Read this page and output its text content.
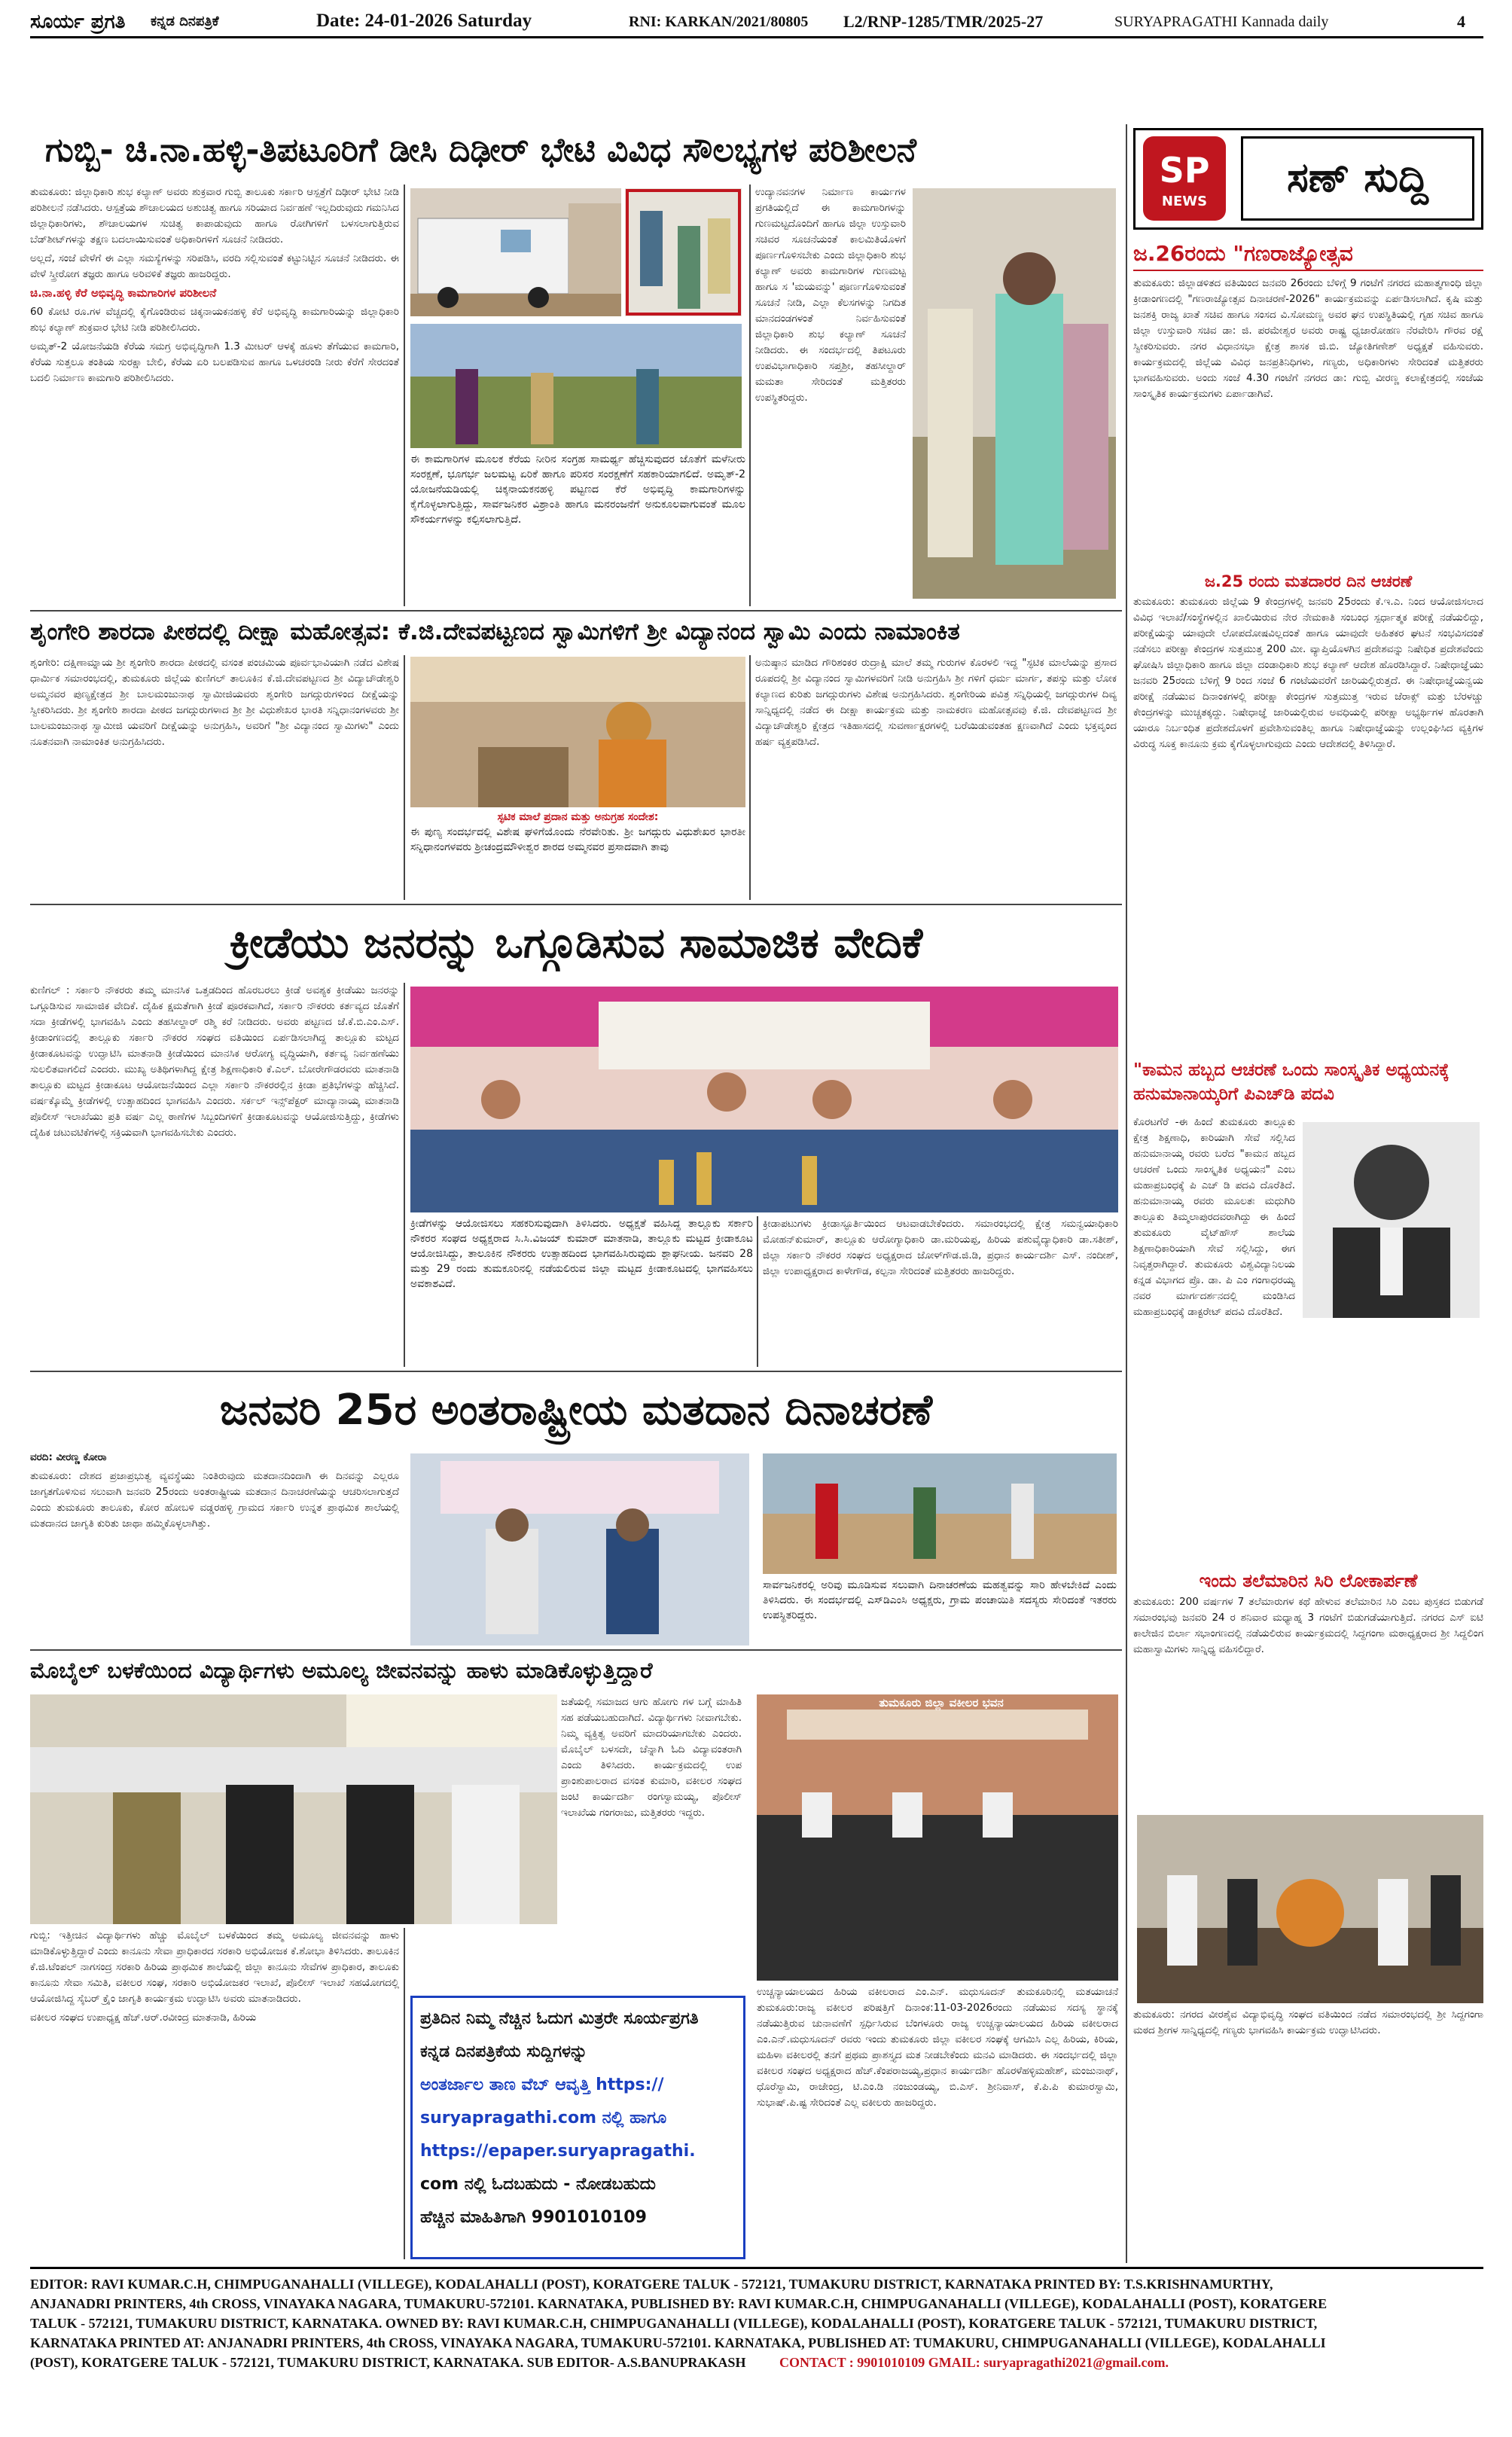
ಸೂರ್ಯ ಪ್ರಗತಿ ಕನ್ನಡ ದಿನಪತ್ರಿಕೆ	Date: 24-01-2026 Saturday	RNI: KARKAN/2021/80805 L2/RNP-1285/TMR/2025-27	SURYAPRAGATHI Kannada daily	4
ಗುಬ್ಬಿ- ಚಿ.ನಾ.ಹಳ್ಳಿ-ತಿಪಟೂರಿಗೆ ಡೀಸಿ ದಿಢೀರ್ ಭೇಟಿ ವಿವಿಧ ಸೌಲಭ್ಯಗಳ ಪರಿಶೀಲನೆ

ತುಮಕೂರು: ಜಿಲ್ಲಾಧಿಕಾರಿ ಶುಭ ಕಲ್ಯಾಣ್ ಅವರು ಶುಕ್ರವಾರ ಗುಬ್ಬಿ ತಾಲೂಕು ಸರ್ಕಾರಿ ಆಸ್ಪತ್ರೆಗೆ ದಿಢೀರ್ ಭೇಟಿ ನೀಡಿ ಪರಿಶೀಲನೆ ನಡೆಸಿದರು. ಆಸ್ಪತ್ರೆಯ ಶೌಚಾಲಯದ ಅಶುಚಿತ್ವ ಹಾಗೂ ಸರಿಯಾದ ನಿರ್ವಹಣೆ ಇಲ್ಲದಿರುವುದು ಗಮನಿಸಿದ ಜಿಲ್ಲಾಧಿಕಾರಿಗಳು, ಶೌಚಾಲಯಗಳ ಸುಚಿತ್ವ ಕಾಪಾಡುವುದು ಹಾಗೂ ರೋಗಿಗಳಿಗೆ ಬಳಸಲಾಗುತ್ತಿರುವ ಬೆಡ್‌ಶೀಟ್‌ಗಳನ್ನು ತಕ್ಷಣ ಬದಲಾಯಿಸುವಂತೆ ಅಧಿಕಾರಿಗಳಿಗೆ ಸೂಚನೆ ನೀಡಿದರು.

ಅಲ್ಲದೆ, ಸಂಜೆ ವೇಳೆಗೆ ಈ ಎಲ್ಲಾ ಸಮಸ್ಯೆಗಳನ್ನು ಸರಿಪಡಿಸಿ, ವರದಿ ಸಲ್ಲಿಸುವಂತೆ ಕಟ್ಟುನಿಟ್ಟಿನ ಸೂಚನೆ ನೀಡಿದರು. ಈ ವೇಳೆ ಸ್ತ್ರೀರೋಗ ತಜ್ಞರು ಹಾಗೂ ಅರಿವಳಿಕೆ ತಜ್ಞರು ಹಾಜರಿದ್ದರು.

ಚಿ.ನಾ.ಹಳ್ಳಿ ಕೆರೆ ಅಭಿವೃದ್ಧಿ ಕಾಮಗಾರಿಗಳ ಪರಿಶೀಲನೆ

60 ಕೋಟಿ ರೂ.ಗಳ ವೆಚ್ಚದಲ್ಲಿ ಕೈಗೊಂಡಿರುವ ಚಿಕ್ಕನಾಯಕನಹಳ್ಳಿ ಕೆರೆ ಅಭಿವೃದ್ಧಿ ಕಾಮಗಾರಿಯನ್ನು ಜಿಲ್ಲಾಧಿಕಾರಿ ಶುಭ ಕಲ್ಯಾಣ್ ಶುಕ್ರವಾರ ಭೇಟಿ ನೀಡಿ ಪರಿಶೀಲಿಸಿದರು.

ಅಮೃತ್-2 ಯೋಜನೆಯಡಿ ಕೆರೆಯ ಸಮಗ್ರ ಅಭಿವೃದ್ಧಿಗಾಗಿ 1.3 ಮೀಟರ್ ಆಳಕ್ಕೆ ಹೂಳು ತೆಗೆಯುವ ಕಾಮಗಾರಿ, ಕೆರೆಯ ಸುತ್ತಲೂ ತಂತಿಯ ಸುರಕ್ಷಾ ಬೇಲಿ, ಕೆರೆಯ ಏರಿ ಬಲಪಡಿಸುವ ಹಾಗೂ ಒಳಚರಂಡಿ ನೀರು ಕೆರೆಗೆ ಸೇರದಂತೆ ಬದಲಿ ನಿರ್ಮಾಣ ಕಾಮಗಾರಿ ಪರಿಶೀಲಿಸಿದರು.

ಈ ಕಾಮಗಾರಿಗಳ ಮೂಲಕ ಕೆರೆಯ ನೀರಿನ ಸಂಗ್ರಹ ಸಾಮರ್ಥ್ಯ ಹೆಚ್ಚಿಸುವುದರ ಜೊತೆಗೆ ಮಳೆನೀರು ಸಂರಕ್ಷಣೆ, ಭೂಗರ್ಭ ಜಲಮಟ್ಟ ಏರಿಕೆ ಹಾಗೂ ಪರಿಸರ ಸಂರಕ್ಷಣೆಗೆ ಸಹಕಾರಿಯಾಗಲಿದೆ. ಅಮೃತ್-2 ಯೋಜನೆಯಡಿಯಲ್ಲಿ ಚಿಕ್ಕನಾಯಕನಹಳ್ಳಿ ಪಟ್ಟಣದ ಕೆರೆ ಅಭಿವೃದ್ಧಿ ಕಾಮಗಾರಿಗಳನ್ನು ಕೈಗೊಳ್ಳಲಾಗುತ್ತಿದ್ದು, ಸಾರ್ವಜನಿಕರ ವಿಶ್ರಾಂತಿ ಹಾಗೂ ಮನರಂಜನೆಗೆ ಅನುಕೂಲವಾಗುವಂತೆ ಮೂಲ ಸೌಕರ್ಯಗಳನ್ನು ಕಲ್ಪಿಸಲಾಗುತ್ತಿದೆ.
ಉದ್ಯಾನವನಗಳ ನಿರ್ಮಾಣ ಕಾರ್ಯಗಳ ಪ್ರಗತಿಯಲ್ಲಿದೆ ಈ ಕಾಮಗಾರಿಗಳನ್ನು ಗುಣಮಟ್ಟದೊಂದಿಗೆ ಹಾಗೂ ಜಿಲ್ಲಾ ಉಸ್ತುವಾರಿ ಸಚಿವರ ಸೂಚನೆಯಂತೆ ಕಾಲಮಿತಿಯೊಳಗೆ ಪೂರ್ಣಗೊಳಿಸಬೇಕು ಎಂದು ಜಿಲ್ಲಾಧಿಕಾರಿ ಶುಭ ಕಲ್ಯಾಣ್ ಅವರು ಕಾಮಗಾರಿಗಳ ಗುಣಮಟ್ಟ ಹಾಗೂ ಸ 'ಮಯವನ್ನು' ಪೂರ್ಣಗೊಳಿಸುವಂತೆ ಸೂಚನೆ ನೀಡಿ, ಎಲ್ಲಾ ಕೆಲಸಗಳನ್ನು ನಿಗದಿತ ಮಾನದಂಡಗಳಂತೆ ನಿರ್ವಹಿಸುವಂತೆ ಜಿಲ್ಲಾಧಿಕಾರಿ ಶುಭ ಕಲ್ಯಾಣ್ ಸೂಚನೆ ನೀಡಿದರು. ಈ ಸಂದರ್ಭದಲ್ಲಿ ತಿಪಟೂರು ಉಪವಿಭಾಗಾಧಿಕಾರಿ ಸಪ್ತಶ್ರೀ, ತಹಸೀಲ್ದಾರ್ ಮಮತಾ ಸೇರಿದಂತೆ ಮತ್ತಿತರರು ಉಪಸ್ಥಿತರಿದ್ದರು.
ಶೃಂಗೇರಿ ಶಾರದಾ ಪೀಠದಲ್ಲಿ ದೀಕ್ಷಾ ಮಹೋತ್ಸವ: ಕೆ.ಜಿ.ದೇವಪಟ್ಟಣದ ಸ್ವಾಮಿಗಳಿಗೆ ಶ್ರೀ ವಿದ್ಯಾನಂದ ಸ್ವಾಮಿ ಎಂದು ನಾಮಾಂಕಿತ
ಶೃಂಗೇರಿ: ದಕ್ಷಿಣಾಮ್ನಾಯ ಶ್ರೀ ಶೃಂಗೇರಿ ಶಾರದಾ ಪೀಠದಲ್ಲಿ ವಸಂತ ಪಂಚಮಿಯ ಪೂರ್ವಭಾವಿಯಾಗಿ ನಡೆದ ವಿಶೇಷ ಧಾರ್ಮಿಕ ಸಮಾರಂಭದಲ್ಲಿ, ತುಮಕೂರು ಜಿಲ್ಲೆಯ ಕುಣಿಗಲ್ ತಾಲೂಕಿನ ಕೆ.ಜಿ.ದೇವಪಟ್ಟಣದ ಶ್ರೀ ವಿದ್ಯಾಚೌಡೇಶ್ವರಿ ಅಮ್ಮನವರ ಪುಣ್ಯಕ್ಷೇತ್ರದ ಶ್ರೀ ಬಾಲಮಂಜುನಾಥ ಸ್ವಾಮೀಜಿಯವರು ಶೃಂಗೇರಿ ಜಗದ್ಗುರುಗಳಿಂದ ದೀಕ್ಷೆಯನ್ನು ಸ್ವೀಕರಿಸಿದರು. ಶ್ರೀ ಶೃಂಗೇರಿ ಶಾರದಾ ಪೀಠದ ಜಗದ್ಗುರುಗಳಾದ ಶ್ರೀ ಶ್ರೀ ವಿಧುಶೇಖರ ಭಾರತಿ ಸನ್ನಿಧಾನಂಗಳವರು ಶ್ರೀ ಬಾಲಮಂಜುನಾಥ ಸ್ವಾಮೀಜಿ ಯವರಿಗೆ ದೀಕ್ಷೆಯನ್ನು ಅನುಗ್ರಹಿಸಿ, ಅವರಿಗೆ "ಶ್ರೀ ವಿದ್ಯಾನಂದ ಸ್ವಾಮಿಗಳು" ಎಂದು ನೂತನವಾಗಿ ನಾಮಾಂಕಿತ ಅನುಗ್ರಹಿಸಿದರು.
ಸ್ಫಟಿಕ ಮಾಲೆ ಪ್ರದಾನ ಮತ್ತು ಅನುಗ್ರಹ ಸಂದೇಶ:
ಈ ಪುಣ್ಯ ಸಂದರ್ಭದಲ್ಲಿ ವಿಶೇಷ ಘಳಿಗೆಯೊಂದು ನೆರವೇರಿತು. ಶ್ರೀ ಜಗದ್ಗುರು ವಿಧುಶೇಖರ ಭಾರತೀ ಸನ್ನಿಧಾನಂಗಳವರು ಶ್ರೀಚಂದ್ರಮೌಳೀಶ್ವರ ಶಾರದ ಅಮ್ಮನವರ ಪ್ರಸಾದವಾಗಿ ತಾವು
ಅನುಷ್ಠಾನ ಮಾಡಿದ ಗೌರಿಶಂಕರ ರುದ್ರಾಕ್ಷಿ ಮಾಲೆ ತಮ್ಮ ಗುರುಗಳ ಕೊರಳಲಿ ಇದ್ದ "ಸ್ಫಟಿಕ ಮಾಲೆಯನ್ನು ಪ್ರಸಾದ ರೂಪದಲ್ಲಿ ಶ್ರೀ ವಿದ್ಯಾನಂದ ಸ್ವಾಮಿಗಳವರಿಗೆ ನೀಡಿ ಅನುಗ್ರಹಿಸಿ ಶ್ರೀ ಗಳಿಗೆ ಧರ್ಮ ಮಾರ್ಗ, ತಪಸ್ಸು ಮತ್ತು ಲೋಕ ಕಲ್ಯಾಣದ ಕುರಿತು ಜಗದ್ಗುರುಗಳು ವಿಶೇಷ ಅನುಗ್ರಹಿಸಿದರು. ಶೃಂಗೇರಿಯ ಪವಿತ್ರ ಸನ್ನಿಧಿಯಲ್ಲಿ ಜಗದ್ಗುರುಗಳ ದಿವ್ಯ ಸಾನ್ನಿಧ್ಯದಲ್ಲಿ ನಡೆದ ಈ ದೀಕ್ಷಾ ಕಾರ್ಯಕ್ರಮ ಮತ್ತು ನಾಮಕರಣ ಮಹೋತ್ಸವವು ಕೆ.ಜಿ. ದೇವಪಟ್ಟಣದ ಶ್ರೀ ವಿದ್ಯಾಚೌಡೇಶ್ವರಿ ಕ್ಷೇತ್ರದ ಇತಿಹಾಸದಲ್ಲಿ ಸುವರ್ಣಾಕ್ಷರಗಳಲ್ಲಿ ಬರೆಯಿಡುವಂತಹ ಕ್ಷಣವಾಗಿದೆ ಎಂದು ಭಕ್ತವೃಂದ ಹರ್ಷ ವ್ಯಕ್ತಪಡಿಸಿದೆ.
ಕ್ರೀಡೆಯು ಜನರನ್ನು ಒಗ್ಗೂಡಿಸುವ ಸಾಮಾಜಿಕ ವೇದಿಕೆ
ಕುಣಿಗಲ್ : ಸರ್ಕಾರಿ ನೌಕರರು ತಮ್ಮ ಮಾನಸಿಕ ಒತ್ತಡದಿಂದ ಹೊರಬರಲು ಕ್ರೀಡೆ ಅವಶ್ಯಕ ಕ್ರೀಡೆಯು ಜನರನ್ನು ಒಗ್ಗೂಡಿಸುವ ಸಾಮಾಜಿಕ ವೇದಿಕೆ. ದೈಹಿಕ ಕ್ಷಮತೆಗಾಗಿ ಕ್ರೀಡೆ ಪೂರಕವಾಗಿದೆ, ಸರ್ಕಾರಿ ನೌಕರರು ಕರ್ತವ್ಯದ ಜೊತೆಗೆ ಸದಾ ಕ್ರೀಡೆಗಳಲ್ಲಿ ಭಾಗವಹಿಸಿ ಎಂದು ತಹಸೀಲ್ದಾರ್ ರಶ್ಮಿ ಕರೆ ನೀಡಿದರು. ಅವರು ಪಟ್ಟಣದ ಜೆ.ಕೆ.ಬಿ.ಎಂ.ಎಸ್. ಕ್ರೀಡಾಂಗಣದಲ್ಲಿ ತಾಲ್ಲೂಕು ಸರ್ಕಾರಿ ನೌಕರರ ಸಂಘದ ವತಿಯಿಂದ ಏರ್ಪಡಿಸಲಾಗಿದ್ದ ತಾಲ್ಲೂಕು ಮಟ್ಟದ ಕ್ರೀಡಾಕೂಟವನ್ನು ಉದ್ಘಾಟಿಸಿ ಮಾತನಾಡಿ ಕ್ರೀಡೆಯಿಂದ ಮಾನಸಿಕ ಆರೋಗ್ಯ ವೃದ್ಧಿಯಾಗಿ, ಕರ್ತವ್ಯ ನಿರ್ವಹಣೆಯು ಸುಲಲಿತವಾಗಲಿದೆ ಎಂದರು. ಮುಖ್ಯ ಅತಿಥಿಗಳಾಗಿದ್ದ ಕ್ಷೇತ್ರ ಶಿಕ್ಷಣಾಧಿಕಾರಿ ಕೆ.ಎಲ್. ಬೋರೇಗೌಡರವರು ಮಾತನಾಡಿ ತಾಲ್ಲೂಕು ಮಟ್ಟದ ಕ್ರೀಡಾಕೂಟ ಆಯೋಜನೆಯಿಂದ ಎಲ್ಲಾ ಸರ್ಕಾರಿ ನೌಕರರಲ್ಲಿನ ಕ್ರೀಡಾ ಪ್ರತಿಭೆಗಳನ್ನು ಹೆಚ್ಚಿಸಿದೆ. ವರ್ಷಕ್ಕೊಮ್ಮೆ ಕ್ರೀಡೆಗಳಲ್ಲಿ ಉತ್ಸಾಹದಿಂದ ಭಾಗವಹಿಸಿ ಎಂದರು. ಸರ್ಕಲ್ ಇನ್ಸ್‌ಪೆಕ್ಟರ್ ಮಾದ್ಯಾನಾಯ್ಕ ಮಾತನಾಡಿ ಪೊಲೀಸ್ ಇಲಾಖೆಯು ಪ್ರತಿ ವರ್ಷ ಎಲ್ಲ ಠಾಣೆಗಳ ಸಿಬ್ಬಂದಿಗಳಿಗೆ ಕ್ರೀಡಾಕೂಟವನ್ನು ಆಯೋಜಿಸುತ್ತಿದ್ದು, ಕ್ರೀಡೆಗಳು ದೈಹಿಕ ಚಟುವಟಿಕೆಗಳಲ್ಲಿ ಸಕ್ರಿಯವಾಗಿ ಭಾಗವಹಿಸಬೇಕು ಎಂದರು.
ಕ್ರೀಡೆಗಳನ್ನು ಆಯೋಜಿಸಲು ಸಹಕರಿಸುವುದಾಗಿ ತಿಳಿಸಿದರು. ಅಧ್ಯಕ್ಷತೆ ವಹಿಸಿದ್ದ ತಾಲ್ಲೂಕು ಸರ್ಕಾರಿ ನೌಕರರ ಸಂಘದ ಅಧ್ಯಕ್ಷರಾದ ಸಿ.ಸಿ.ವಿಜಯ್ ಕುಮಾರ್ ಮಾತನಾಡಿ, ತಾಲ್ಲೂಕು ಮಟ್ಟದ ಕ್ರೀಡಾಕೂಟ ಆಯೋಜಿಸಿದ್ದು, ತಾಲೂಕಿನ ನೌಕರರು ಉತ್ಸಾಹದಿಂದ ಭಾಗವಹಿಸಿರುವುದು ಶ್ಲಾಘನೀಯ. ಜನವರಿ 28 ಮತ್ತು 29 ರಂದು ತುಮಕೂರಿನಲ್ಲಿ ನಡೆಯಲಿರುವ ಜಿಲ್ಲಾ ಮಟ್ಟದ ಕ್ರೀಡಾಕೂಟದಲ್ಲಿ ಭಾಗವಹಿಸಲು ಅವಕಾಶವಿದೆ.
ಕ್ರೀಡಾಪಟುಗಳು ಕ್ರೀಡಾಸ್ಫೂರ್ತಿಯಿಂದ ಆಟವಾಡಬೇಕೆಂದರು. ಸಮಾರಂಭದಲ್ಲಿ ಕ್ಷೇತ್ರ ಸಮನ್ವಯಾಧಿಕಾರಿ ಮೋಹನ್‌ಕುಮಾರ್, ತಾಲ್ಲೂಕು ಆರೋಗ್ಯಾಧಿಕಾರಿ ಡಾ.ಮರಿಯಪ್ಪ, ಹಿರಿಯ ಪಶುವೈದ್ಯಾಧಿಕಾರಿ ಡಾ.ಸತೀಶ್, ಜಿಲ್ಲಾ ಸರ್ಕಾರಿ ನೌಕರರ ಸಂಘದ ಅಧ್ಯಕ್ಷರಾದ ಜೋಳ್‌ಗೌಡ.ಜಿ.ಡಿ, ಪ್ರಧಾನ ಕಾರ್ಯದರ್ಶಿ ಎಸ್. ನಂದೀಶ್, ಜಿಲ್ಲಾ ಉಪಾಧ್ಯಕ್ಷರಾದ ಕಾಳೇಗೌಡ, ಕಲ್ಪನಾ ಸೇರಿದಂತೆ ಮತ್ತಿತರರು ಹಾಜರಿದ್ದರು.
ಜನವರಿ 25ರ ಅಂತರಾಷ್ಟ್ರೀಯ ಮತದಾನ ದಿನಾಚರಣೆ

ವರದಿ: ವೀರಣ್ಣ ಕೋರಾ

ತುಮಕೂರು: ದೇಶದ ಪ್ರಜಾಪ್ರಭುತ್ವ ವ್ಯವಸ್ಥೆಯು ನಿಂತಿರುವುದು ಮತದಾನದಿಂದಾಗಿ ಈ ದಿನವನ್ನು ಎಲ್ಲರೂ ಜಾಗೃತಗೊಳಿಸುವ ಸಲುವಾಗಿ ಜನವರಿ 25ರಂದು ಅಂತರಾಷ್ಟ್ರೀಯ ಮತದಾನ ದಿನಾಚರಣೆಯನ್ನು ಆಚರಿಸಲಾಗುತ್ತದೆ ಎಂದು ತುಮಕೂರು ತಾಲೂಕು, ಕೋರ ಹೋಬಳಿ ವಡ್ಡರಹಳ್ಳಿ ಗ್ರಾಮದ ಸರ್ಕಾರಿ ಉನ್ನತ ಪ್ರಾಥಮಿಕ ಶಾಲೆಯಲ್ಲಿ ಮತದಾನದ ಜಾಗೃತಿ ಕುರಿತು ಜಾಥಾ ಹಮ್ಮಿಕೊಳ್ಳಲಾಗಿತ್ತು.

ಸಾರ್ವಜನಿಕರಲ್ಲಿ ಅರಿವು ಮೂಡಿಸುವ ಸಲುವಾಗಿ ದಿನಾಚರಣೆಯ ಮಹತ್ವವನ್ನು ಸಾರಿ ಹೇಳಬೇಕಿದೆ ಎಂದು ತಿಳಿಸಿದರು. ಈ ಸಂದರ್ಭದಲ್ಲಿ ಎಸ್‌ಡಿಎಂಸಿ ಅಧ್ಯಕ್ಷರು, ಗ್ರಾಮ ಪಂಚಾಯಿತಿ ಸದಸ್ಯರು ಸೇರಿದಂತೆ ಇತರರು ಉಪಸ್ಥಿತರಿದ್ದರು.
ಮೊಬೈಲ್ ಬಳಕೆಯಿಂದ ವಿದ್ಯಾರ್ಥಿಗಳು ಅಮೂಲ್ಯ ಜೀವನವನ್ನು ಹಾಳು ಮಾಡಿಕೊಳ್ಳುತ್ತಿದ್ದಾರೆ
ಜತೆಯಲ್ಲಿ ಸಮಾಜದ ಆಗು ಹೋಗು ಗಳ ಬಗ್ಗೆ ಮಾಹಿತಿ ಸಹ ಪಡೆಯಬಹುದಾಗಿದೆ. ವಿದ್ಯಾರ್ಥಿಗಳು ನೀವಾಗಬೇಕು. ನಿಮ್ಮ ವ್ಯಕ್ತಿತ್ವ ಅವರಿಗೆ ಮಾದರಿಯಾಗಬೇಕು ಎಂದರು. ಮೊಬೈಲ್ ಬಳಸದೇ, ಚೆನ್ನಾಗಿ ಓದಿ ವಿದ್ಯಾವಂತರಾಗಿ ಎಂದು ತಿಳಿಸಿದರು. ಕಾರ್ಯಕ್ರಮದಲ್ಲಿ ಉಪ ಪ್ರಾಂಶುಪಾಲರಾದ ವಸಂತ ಕುಮಾರಿ, ವಕೀಲರ ಸಂಘದ ಜಂಟಿ ಕಾರ್ಯದರ್ಶಿ ರಂಗಸ್ವಾಮಯ್ಯ, ಪೊಲೀಸ್ ಇಲಾಖೆಯ ಗಂಗರಾಜು, ಮತ್ತಿತರರು ಇದ್ದರು.

ಗುಬ್ಬಿ: ಇತ್ತೀಚಿನ ವಿದ್ಯಾರ್ಥಿಗಳು ಹೆಚ್ಚು ಮೊಬೈಲ್ ಬಳಕೆಯಿಂದ ತಮ್ಮ ಅಮೂಲ್ಯ ಜೀವನವನ್ನು ಹಾಳು ಮಾಡಿಕೊಳ್ಳುತ್ತಿದ್ದಾರೆ ಎಂದು ಕಾನೂನು ಸೇವಾ ಪ್ರಾಧಿಕಾರದ ಸರಕಾರಿ ಅಭಿಯೋಜಕ ಕೆ.ಶೋಭಾ ತಿಳಿಸಿದರು. ತಾಲೂಕಿನ ಕೆ.ಜಿ.ಟೆಂಪಲ್ ನಾಗಸಂದ್ರ ಸರಕಾರಿ ಹಿರಿಯ ಪ್ರಾಥಮಿಕ ಶಾಲೆಯಲ್ಲಿ ಜಿಲ್ಲಾ ಕಾನೂನು ಸೇವೆಗಳ ಪ್ರಾಧಿಕಾರ, ತಾಲೂಕು ಕಾನೂನು ಸೇವಾ ಸಮಿತಿ, ವಕೀಲರ ಸಂಘ, ಸರಕಾರಿ ಅಭಿಯೋಜಕರ ಇಲಾಖೆ, ಪೊಲೀಸ್ ಇಲಾಖೆ ಸಹಯೋಗದಲ್ಲಿ ಆಯೋಜಿಸಿದ್ದ ಸೈಬರ್ ಕ್ರೈಂ ಜಾಗೃತಿ ಕಾರ್ಯಕ್ರಮ ಉದ್ಘಾಟಿಸಿ ಅವರು ಮಾತನಾಡಿದರು.

ವಕೀಲರ ಸಂಘದ ಉಪಾಧ್ಯಕ್ಷ ಹೆಚ್.ಆರ್.ರವೀಂದ್ರ ಮಾತನಾಡಿ, ಹಿರಿಯ	ಪ್ರತಿದಿನ ನಿಮ್ಮ ನೆಚ್ಚಿನ ಓದುಗ ಮಿತ್ರರೇ ಸೂರ್ಯಪ್ರಗತಿ
ಕನ್ನಡ ದಿನಪತ್ರಿಕೆಯ ಸುದ್ದಿಗಳನ್ನು
ಅಂತರ್ಜಾಲ ತಾಣ ವೆಬ್ ಆವೃತ್ತಿ https://
suryapragathi.com ನಲ್ಲಿ ಹಾಗೂ
https://epaper.suryapragathi.
com ನಲ್ಲಿ ಓದಬಹುದು - ನೋಡಬಹುದು
ಹೆಚ್ಚಿನ ಮಾಹಿತಿಗಾಗಿ 9901010109
ತುಮಕೂರು ಜಿಲ್ಲಾ ವಕೀಲರ ಭವನ
ಉಚ್ಚನ್ಯಾಯಾಲಯದ ಹಿರಿಯ ವಕೀಲರಾದ ಎಂ.ಎನ್. ಮಧುಸೂದನ್ ತುಮಕೂರಿನಲ್ಲಿ ಮತಯಾಚನೆ ತುಮಕೂರು:ರಾಜ್ಯ ವಕೀಲರ ಪರಿಷತ್ತಿಗೆ ದಿನಾಂಕ:11-03-2026ರಂದು ನಡೆಯುವ ಸದಸ್ಯ ಸ್ಥಾನಕ್ಕೆ ನಡೆಯುತ್ತಿರುವ ಚುನಾವಣೆಗೆ ಸ್ಪರ್ಧಿಸಿರುವ ಬೆಂಗಳೂರು ರಾಜ್ಯ ಉಚ್ಚನ್ಯಾಯಾಲಯದ ಹಿರಿಯ ವಕೀಲರಾದ ಎಂ.ಎನ್.ಮಧುಸೂದನ್ ರವರು ಇಂದು ತುಮಕೂರು ಜಿಲ್ಲಾ ವಕೀಲರ ಸಂಘಕ್ಕೆ ಆಗಮಿಸಿ ಎಲ್ಲ ಹಿರಿಯ, ಕಿರಿಯ, ಮಹಿಳಾ ವಕೀಲರಲ್ಲಿ ತನಗೆ ಪ್ರಥಮ ಪ್ರಾಶಸ್ತ್ಯದ ಮತ ನೀಡಬೇಕೆಂದು ಮನವಿ ಮಾಡಿದರು. ಈ ಸಂದರ್ಭದಲ್ಲಿ ಜಿಲ್ಲಾ ವಕೀಲರ ಸಂಘದ ಅಧ್ಯಕ್ಷರಾದ ಹೆಚ್.ಕೆಂಪರಾಜಯ್ಯ,ಪ್ರಧಾನ ಕಾರ್ಯದರ್ಶಿ ಹೊರಳೆಹಳ್ಳಿಮಹೇಶ್, ಮಂಜುನಾಥ್, ಧೊರೆಸ್ವಾಮಿ, ರಾಜೇಂದ್ರ, ಟಿ.ಎಂ.ಡಿ ನಂಜುಂಡಯ್ಯ, ಬಿ.ಎಸ್. ಶ್ರೀನಿವಾಸ್, ಕೆ.ಪಿ.ಪಿ ಕುಮಾರಸ್ವಾಮಿ, ಸುಭಾಷ್.ಪಿ.ಷ್ಟ ಸೇರಿದಂತೆ ಎಲ್ಲ ವಕೀಲರು ಹಾಜರಿದ್ದರು.
SP
NEWS
ಸಣ್ ಸುದ್ದಿ
ಜ.26ರಂದು "ಗಣರಾಜ್ಯೋತ್ಸವ
ತುಮಕೂರು: ಜಿಲ್ಲಾಡಳಿತದ ವತಿಯಿಂದ ಜನವರಿ 26ರಂದು ಬೆಳಿಗ್ಗೆ 9 ಗಂಟೆಗೆ ನಗರದ ಮಹಾತ್ಮಗಾಂಧಿ ಜಿಲ್ಲಾ ಕ್ರೀಡಾಂಗಣದಲ್ಲಿ "ಗಣರಾಜ್ಯೋತ್ಸವ ದಿನಾಚರಣೆ-2026" ಕಾರ್ಯಕ್ರಮವನ್ನು ಏರ್ಪಡಿಸಲಾಗಿದೆ. ಕೃಷಿ ಮತ್ತು ಜನಶಕ್ತಿ ರಾಜ್ಯ ಖಾತೆ ಸಚಿವ ಹಾಗೂ ಸಂಸದ ವಿ.ಸೋಮಣ್ಣ ಅವರ ಘನ ಉಪಸ್ಥಿತಿಯಲ್ಲಿ ಗೃಹ ಸಚಿವ ಹಾಗೂ ಜಿಲ್ಲಾ ಉಸ್ತುವಾರಿ ಸಚಿವ ಡಾ: ಜಿ. ಪರಮೇಶ್ವರ ಅವರು ರಾಷ್ಟ್ರ ಧ್ವಜಾರೋಹಣ ನೆರವೇರಿಸಿ ಗೌರವ ರಕ್ಷೆ ಸ್ವೀಕರಿಸುವರು. ನಗರ ವಿಧಾನಸಭಾ ಕ್ಷೇತ್ರ ಶಾಸಕ ಜಿ.ಬಿ. ಜ್ಯೋತಿಗಣೇಶ್ ಅಧ್ಯಕ್ಷತೆ ವಹಿಸುವರು. ಕಾರ್ಯಕ್ರಮದಲ್ಲಿ ಜಿಲ್ಲೆಯ ವಿವಿಧ ಜನಪ್ರತಿನಿಧಿಗಳು, ಗಣ್ಯರು, ಅಧಿಕಾರಿಗಳು ಸೇರಿದಂತೆ ಮತ್ತಿತರರು ಭಾಗವಹಿಸುವರು. ಅಂದು ಸಂಜೆ 4.30 ಗಂಟೆಗೆ ನಗರದ ಡಾ: ಗುಬ್ಬಿ ವೀರಣ್ಣ ಕಲಾಕ್ಷೇತ್ರದಲ್ಲಿ ಸಂಜೆಯ ಸಾಂಸ್ಕೃತಿಕ ಕಾರ್ಯಕ್ರಮಗಳು ಏರ್ಪಾಡಾಗಿವೆ.
ಜ.25 ರಂದು ಮತದಾರರ ದಿನ ಆಚರಣೆ
ತುಮಕೂರು: ತುಮಕೂರು ಜಿಲ್ಲೆಯ 9 ಕೇಂದ್ರಗಳಲ್ಲಿ ಜನವರಿ 25ರಂದು ಕೆ.ಇ.ಎ. ನಿಂದ ಆಯೋಜಿಸಲಾದ ವಿವಿಧ ಇಲಾಖೆ/ಸಂಸ್ಥೆಗಳಲ್ಲಿನ ಖಾಲಿಯಿರುವ ನೇರ ನೇಮಕಾತಿ ಸಂಬಂಧ ಸ್ಪರ್ಧಾತ್ಮಕ ಪರೀಕ್ಷೆ ನಡೆಯಲಿದ್ದು, ಪರೀಕ್ಷೆಯನ್ನು ಯಾವುದೇ ಲೋಪದೋಷವಿಲ್ಲದಂತೆ ಹಾಗೂ ಯಾವುದೇ ಅಹಿತಕರ ಘಟನೆ ಸಂಭವಿಸದಂತೆ ನಡೆಸಲು ಪರೀಕ್ಷಾ ಕೇಂದ್ರಗಳ ಸುತ್ತಮುತ್ತ 200 ಮೀ. ವ್ಯಾಪ್ತಿಯೊಳಗಿನ ಪ್ರದೇಶವನ್ನು ನಿಷೇಧಿತ ಪ್ರದೇಶವೆಂದು ಘೋಷಿಸಿ ಜಿಲ್ಲಾಧಿಕಾರಿ ಹಾಗೂ ಜಿಲ್ಲಾ ದಂಡಾಧಿಕಾರಿ ಶುಭ ಕಲ್ಯಾಣ್ ಆದೇಶ ಹೊರಡಿಸಿದ್ದಾರೆ. ನಿಷೇಧಾಜ್ಞೆಯು ಜನವರಿ 25ರಂದು ಬೆಳಿಗ್ಗೆ 9 ರಿಂದ ಸಂಜೆ 6 ಗಂಟೆಯವರೆಗೆ ಜಾರಿಯಲ್ಲಿರುತ್ತದೆ. ಈ ನಿಷೇಧಾಜ್ಞೆಯನ್ವಯ ಪರೀಕ್ಷೆ ನಡೆಯುವ ದಿನಾಂಕಗಳಲ್ಲಿ ಪರೀಕ್ಷಾ ಕೇಂದ್ರಗಳ ಸುತ್ತಮುತ್ತ ಇರುವ ಜೆರಾಕ್ಸ್ ಮತ್ತು ಬೆರಳಚ್ಚು ಕೇಂದ್ರಗಳನ್ನು ಮುಚ್ಚತಕ್ಕದ್ದು. ನಿಷೇಧಾಜ್ಞೆ ಜಾರಿಯಲ್ಲಿರುವ ಅವಧಿಯಲ್ಲಿ ಪರೀಕ್ಷಾ ಅಭ್ಯರ್ಥಿಗಳ ಹೊರತಾಗಿ ಯಾರೂ ನಿರ್ಬಂಧಿತ ಪ್ರದೇಶದೊಳಗೆ ಪ್ರವೇಶಿಸುವಂತಿಲ್ಲ ಹಾಗೂ ನಿಷೇಧಾಜ್ಞೆಯನ್ನು ಉಲ್ಲಂಘಿಸಿದ ವ್ಯಕ್ತಿಗಳ ವಿರುದ್ಧ ಸೂಕ್ತ ಕಾನೂನು ಕ್ರಮ ಕೈಗೊಳ್ಳಲಾಗುವುದು ಎಂದು ಆದೇಶದಲ್ಲಿ ತಿಳಿಸಿದ್ದಾರೆ.
"ಕಾಮನ ಹಬ್ಬದ ಆಚರಣೆ ಒಂದು ಸಾಂಸ್ಕೃತಿಕ ಅಧ್ಯಯನಕ್ಕೆ ಹನುಮಾನಾಯ್ಕರಿಗೆ ಪಿಎಚ್‌ಡಿ ಪದವಿ
ಕೊರಟಗೆರೆ -ಈ ಹಿಂದೆ ತುಮಕೂರು ತಾಲ್ಲೂಕು ಕ್ಷೇತ್ರ ಶಿಕ್ಷಣಾಧಿ, ಕಾರಿಯಾಗಿ ಸೇವೆ ಸಲ್ಲಿಸಿದ ಹನುಮಾನಾಯ್ಕ ರವರು ಬರೆದ "ಕಾಮನ ಹಬ್ಬದ ಆಚರಣೆ ಒಂದು ಸಾಂಸ್ಕೃತಿಕ ಅಧ್ಯಯನ" ಎಂಬ ಮಹಾಪ್ರಬಂಧಕ್ಕೆ ಪಿ ಎಚ್ ಡಿ ಪದವಿ ದೊರೆತಿದೆ. ಹನುಮಾನಾಯ್ಕ ರವರು ಮೂಲತಃ ಮಧುಗಿರಿ ತಾಲ್ಲೂಕು ತಿಮ್ಮಲಾಪುರದವರಾಗಿದ್ದು ಈ ಹಿಂದೆ ತುಮಕೂರು ವೈಟ್‌ಹೌಸ್ ಶಾಲೆಯ ಶಿಕ್ಷಣಾಧಿಕಾರಿಯಾಗಿ ಸೇವೆ ಸಲ್ಲಿಸಿದ್ದು, ಈಗ ನಿವೃತ್ತರಾಗಿದ್ದಾರೆ. ತುಮಕೂರು ವಿಶ್ವವಿದ್ಯಾನಿಲಯ ಕನ್ನಡ ವಿಭಾಗದ ಪ್ರೊ. ಡಾ. ಪಿ ಎಂ ಗಂಗಾಧರಯ್ಯ ನವರ ಮಾರ್ಗದರ್ಶನದಲ್ಲಿ ಮಂಡಿಸಿದ ಮಹಾಪ್ರಬಂಧಕ್ಕೆ ಡಾಕ್ಟರೇಟ್ ಪದವಿ ದೊರೆತಿದೆ.
ಇಂದು ತಲೆಮಾರಿನ ಸಿರಿ ಲೋಕಾರ್ಪಣೆ
ತುಮಕೂರು: 200 ವರ್ಷಗಳ 7 ತಲೆಮಾರುಗಳ ಕಥೆ ಹೇಳುವ ತಲೆಮಾರಿನ ಸಿರಿ ಎಂಬ ಪುಸ್ತಕದ ಬಿಡುಗಡೆ ಸಮಾರಂಭವು ಜನವರಿ 24 ರ ಶನಿವಾರ ಮಧ್ಯಾಹ್ನ 3 ಗಂಟೆಗೆ ಬಿಡುಗಡೆಯಾಗುತ್ತಿದೆ. ನಗರದ ಎಸ್ ಐಟಿ ಕಾಲೇಜಿನ ಬಿರ್ಲಾ ಸಭಾಂಗಣದಲ್ಲಿ ನಡೆಯಲಿರುವ ಕಾರ್ಯಕ್ರಮದಲ್ಲಿ ಸಿದ್ದಗಂಗಾ ಮಠಾಧ್ಯಕ್ಷರಾದ ಶ್ರೀ ಸಿದ್ದಲಿಂಗ ಮಹಾಸ್ವಾಮಿಗಳು ಸಾನ್ನಿಧ್ಯ ವಹಿಸಲಿದ್ದಾರೆ.
ತುಮಕೂರು: ನಗರದ ವೀರಶೈವ ವಿದ್ಯಾಭಿವೃದ್ಧಿ ಸಂಘದ ವತಿಯಿಂದ ನಡೆದ ಸಮಾರಂಭದಲ್ಲಿ ಶ್ರೀ ಸಿದ್ದಗಂಗಾ ಮಠದ ಶ್ರೀಗಳ ಸಾನ್ನಿಧ್ಯದಲ್ಲಿ ಗಣ್ಯರು ಭಾಗವಹಿಸಿ ಕಾರ್ಯಕ್ರಮ ಉದ್ಘಾಟಿಸಿದರು.
EDITOR: RAVI KUMAR.C.H, CHIMPUGANAHALLI (VILLEGE), KODALAHALLI (POST), KORATGERE TALUK - 572121, TUMAKURU DISTRICT, KARNATAKA PRINTED BY: T.S.KRISHNAMURTHY,
ANJANADRI PRINTERS, 4th CROSS, VINAYAKA NAGARA, TUMAKURU-572101. KARNATAKA, PUBLISHED BY: RAVI KUMAR.C.H, CHIMPUGANAHALLI (VILLEGE), KODALAHALLI (POST), KORATGERE
TALUK - 572121, TUMAKURU DISTRICT, KARNATAKA. OWNED BY: RAVI KUMAR.C.H, CHIMPUGANAHALLI (VILLEGE), KODALAHALLI (POST), KORATGERE TALUK - 572121, TUMAKURU DISTRICT,
KARNATAKA PRINTED AT: ANJANADRI PRINTERS, 4th CROSS, VINAYAKA NAGARA, TUMAKURU-572101. KARNATAKA, PUBLISHED AT: TUMAKURU, CHIMPUGANAHALLI (VILLEGE), KODALAHALLI
(POST), KORATGERE TALUK - 572121, TUMAKURU DISTRICT, KARNATAKA. SUB EDITOR- A.S.BANUPRAKASH CONTACT : 9901010109 GMAIL: suryapragathi2021@gmail.com.
